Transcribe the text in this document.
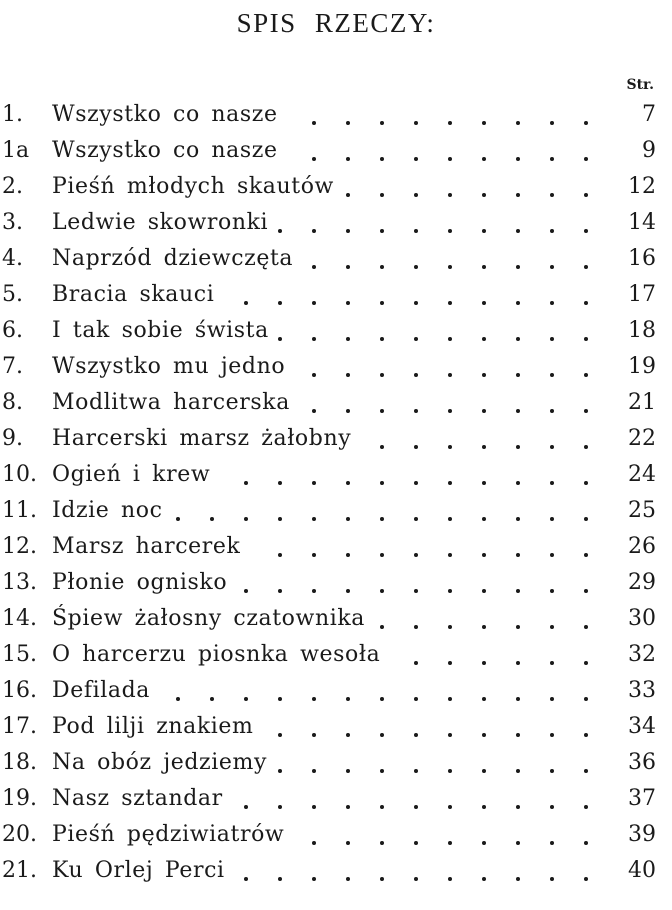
SPIS RZECZY:
Str.
1. Wszystko co nasze	7
1a Wszystko co nasze	9
2. Pieśń młodych skautów	12
3. Ledwie skowronki	14
4. Naprzód dziewczęta	16
5. Bracia skauci	17
6. I tak sobie śwista	18
7. Wszystko mu jedno	19
8. Modlitwa harcerska	21
9. Harcerski marsz żałobny	22
10. Ogień i krew	24
11. Idzie noc	25
12. Marsz harcerek	26
13. Płonie ognisko	29
14. Śpiew żałosny czatownika	30
15. O harcerzu piosnka wesoła	32
16. Defilada	33
17. Pod lilji znakiem	34
18. Na obóz jedziemy	36
19. Nasz sztandar	37
20. Pieśń pędziwiatrów	39
21. Ku Orlej Perci	40
